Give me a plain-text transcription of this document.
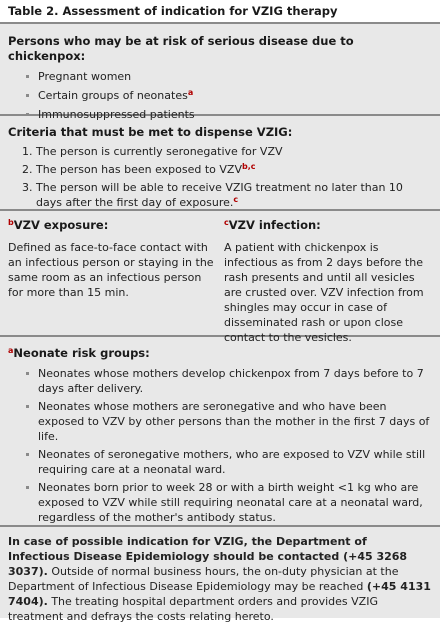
Table 2. Assessment of indication for VZIG therapy
Persons who may be at risk of serious disease due to chickenpox:
Pregnant women
Certain groups of neonates$^a$
Immunosuppressed patients
Criteria that must be met to dispense VZIG:
1. The person is currently seronegative for VZV
2. The person has been exposed to VZV$^{b,c}$
3. The person will be able to receive VZIG treatment no later than 10 days after the first day of exposure.$^c$
$^b$VZV exposure:
Defined as face-to-face contact with an infectious person or staying in the same room as an infectious person for more than 15 min.
$^c$VZV infection:
A patient with chickenpox is infectious as from 2 days before the rash presents and until all vesicles are crusted over. VZV infection from shingles may occur in case of disseminated rash or upon close contact to the vesicles.
$^a$Neonate risk groups:
Neonates whose mothers develop chickenpox from 7 days before to 7 days after delivery.
Neonates whose mothers are seronegative and who have been exposed to VZV by other persons than the mother in the first 7 days of life.
Neonates of seronegative mothers, who are exposed to VZV while still requiring care at a neonatal ward.
Neonates born prior to week 28 or with a birth weight <1 kg who are exposed to VZV while still requiring neonatal care at a neonatal ward, regardless of the mother's antibody status.
In case of possible indication for VZIG, the Department of Infectious Disease Epidemiology should be contacted (+45 3268 3037). Outside of normal business hours, the on-duty physician at the Department of Infectious Disease Epidemiology may be reached (+45 4131 7404). The treating hospital department orders and provides VZIG treatment and defrays the costs relating hereto.
